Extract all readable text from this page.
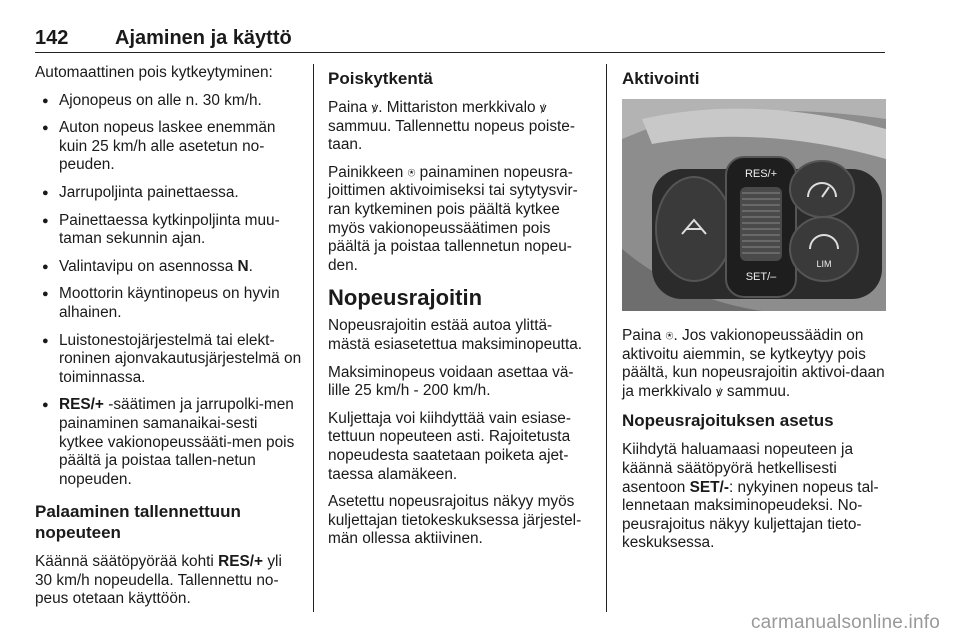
142 Ajaminen ja käyttö

Automaattinen pois kytkeytyminen:

● Ajonopeus on alle n. 30 km/h.
● Auton nopeus laskee enemmän kuin 25 km/h alle asetetun no-peuden.
● Jarrupoljinta painettaessa.
● Painettaessa kytkinpoljinta muu-taman sekunnin ajan.
● Valintavipu on asennossa N.
● Moottorin käyntinopeus on hyvin alhainen.
● Luistonestojärjestelmä tai elekt-roninen ajonvakautusjärjestelmä on toiminnassa.
● RES/+ -säätimen ja jarrupolki-men painaminen samanaikai-sesti kytkee vakionopeussääti-men pois päältä ja poistaa tallen-netun nopeuden.
Palaaminen tallennettuun nopeuteen

Käännä säätöpyörää kohti RES/+ yli 30 km/h nopeudella. Tallennettu no-peus otetaan käyttöön.

Poiskytkentä

Paina ꝟ. Mittariston merkkivalo ꝟ sammuu. Tallennettu nopeus poiste-taan.

Painikkeen ⍟ painaminen nopeusra-joittimen aktivoimiseksi tai sytytysvir-ran kytkeminen pois päältä kytkee myös vakionopeussäätimen pois päältä ja poistaa tallennetun nopeu-den.

Nopeusrajoitin

Nopeusrajoitin estää autoa ylittä-mästä esiasetettua maksiminopeutta.

Maksiminopeus voidaan asettaa vä-lille 25 km/h - 200 km/h.

Kuljettaja voi kiihdyttää vain esiase-tettuun nopeuteen asti. Rajoitetusta nopeudesta saatetaan poiketa ajet-taessa alamäkeen.

Asetettu nopeusrajoitus näkyy myös kuljettajan tietokeskuksessa järjestel-män ollessa aktiivinen.

Aktivointi
RES/+
SET/–
LIM

Paina ⍟. Jos vakionopeussäädin on aktivoitu aiemmin, se kytkeytyy pois päältä, kun nopeusrajoitin aktivoi-daan ja merkkivalo ꝟ sammuu.

Nopeusrajoituksen asetus

Kiihdytä haluamaasi nopeuteen ja käännä säätöpyörä hetkellisesti asentoon SET/-: nykyinen nopeus tal-lennetaan maksiminopeudeksi. No-peusrajoitus näkyy kuljettajan tieto-keskuksessa.

carmanualsonline.info
